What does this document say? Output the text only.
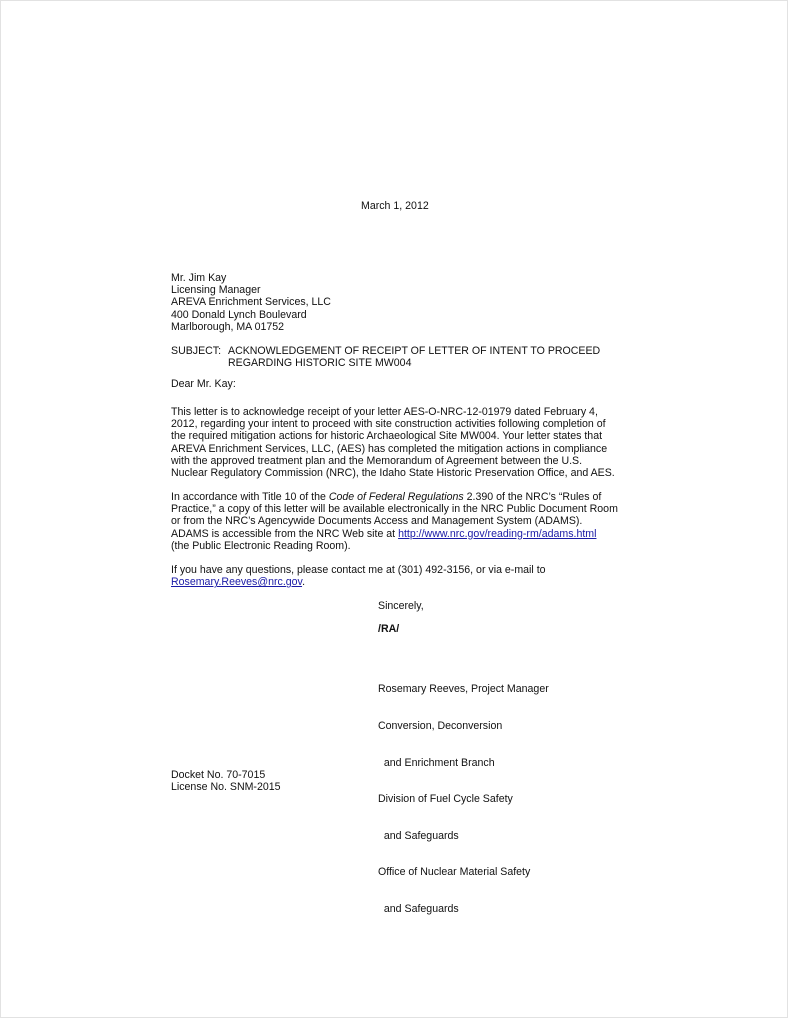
March 1, 2012
Mr. Jim Kay
Licensing Manager
AREVA Enrichment Services, LLC
400 Donald Lynch Boulevard
Marlborough, MA 01752
SUBJECT: ACKNOWLEDGEMENT OF RECEIPT OF LETTER OF INTENT TO PROCEED
REGARDING HISTORIC SITE MW004
Dear Mr. Kay:
This letter is to acknowledge receipt of your letter AES-O-NRC-12-01979 dated February 4,
2012, regarding your intent to proceed with site construction activities following completion of
the required mitigation actions for historic Archaeological Site MW004. Your letter states that
AREVA Enrichment Services, LLC, (AES) has completed the mitigation actions in compliance
with the approved treatment plan and the Memorandum of Agreement between the U.S.
Nuclear Regulatory Commission (NRC), the Idaho State Historic Preservation Office, and AES.
In accordance with Title 10 of the Code of Federal Regulations 2.390 of the NRC’s “Rules of
Practice,” a copy of this letter will be available electronically in the NRC Public Document Room
or from the NRC’s Agencywide Documents Access and Management System (ADAMS).
ADAMS is accessible from the NRC Web site at http://www.nrc.gov/reading-rm/adams.html
(the Public Electronic Reading Room).
If you have any questions, please contact me at (301) 492-3156, or via e-mail to
Rosemary.Reeves@nrc.gov.
Sincerely,
/RA/

Rosemary Reeves, Project Manager

Conversion, Deconversion

and Enrichment Branch

Division of Fuel Cycle Safety

and Safeguards

Office of Nuclear Material Safety

and Safeguards

Docket No. 70-7015
License No. SNM-2015
